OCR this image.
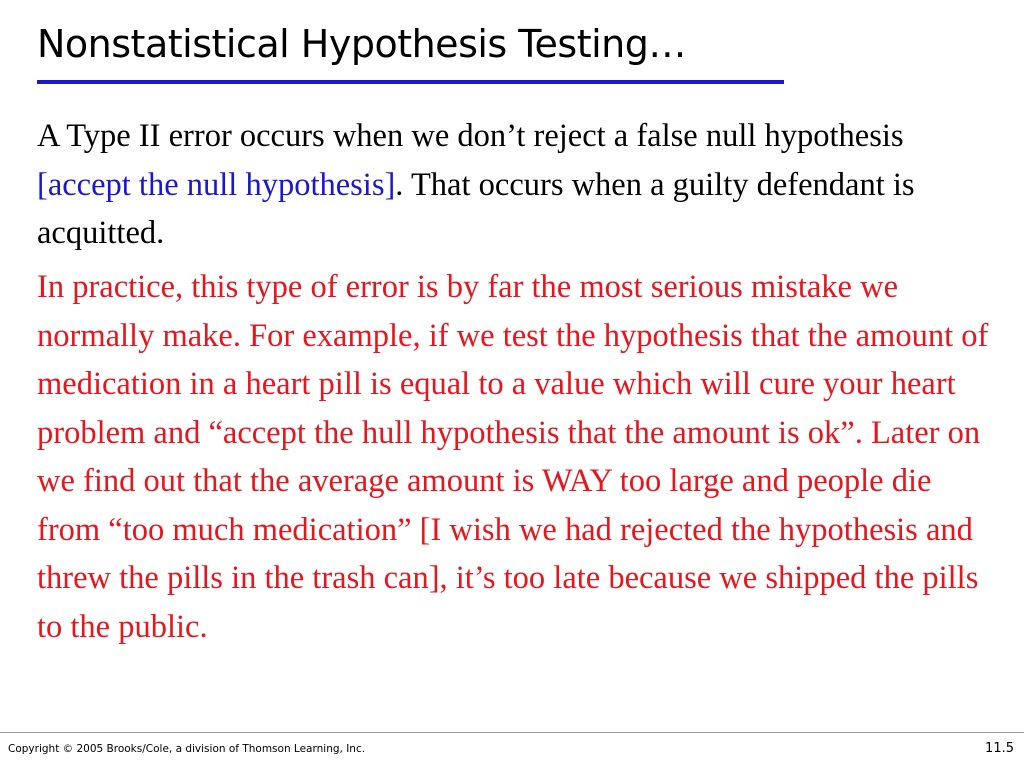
Nonstatistical Hypothesis Testing…

A Type II error occurs when we don’t reject a false null hypothesis [accept the null hypothesis]. That occurs when a guilty defendant is acquitted.

In practice, this type of error is by far the most serious mistake we normally make. For example, if we test the hypothesis that the amount of medication in a heart pill is equal to a value which will cure your heart problem and “accept the hull hypothesis that the amount is ok”. Later on we find out that the average amount is WAY too large and people die from “too much medication” [I wish we had rejected the hypothesis and threw the pills in the trash can], it’s too late because we shipped the pills to the public.

Copyright © 2005 Brooks/Cole, a division of Thomson Learning, Inc.	11.5
